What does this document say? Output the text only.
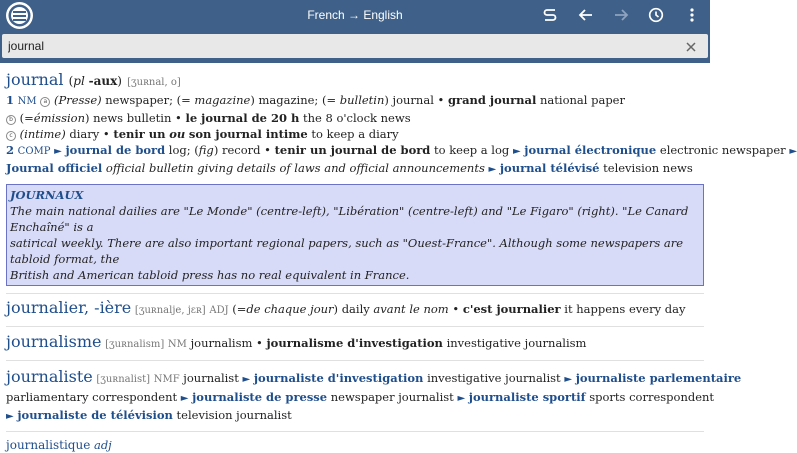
French → English
journal
journal (pl -aux) [ʒuʀnal, o]
1 NM a (Presse) newspaper; (= magazine) magazine; (= bulletin) journal • grand journal national paper
b (=émission) news bulletin • le journal de 20 h the 8 o'clock news
c (intime) diary • tenir un ou son journal intime to keep a diary
2 COMP ► journal de bord log; (fig) record • tenir un journal de bord to keep a log ► journal électronique electronic newspaper ►
Journal officiel official bulletin giving details of laws and official announcements ► journal télévisé television news
JOURNAUX
The main national dailies are "Le Monde" (centre-left), "Libération" (centre-left) and "Le Figaro" (right). "Le Canard Enchaîné" is a
satirical weekly. There are also important regional papers, such as "Ouest-France". Although some newspapers are tabloid format, the
British and American tabloid press has no real equivalent in France.
journalier, -ière [ʒuʀnalje, jɛʀ] ADJ (=de chaque jour) daily avant le nom • c'est journalier it happens every day
journalisme [ʒuʀnalism] NM journalism • journalisme d'investigation investigative journalism
journaliste [ʒuʀnalist] NMF journalist ► journaliste d'investigation investigative journalist ► journaliste parlementaire
parliamentary correspondent ► journaliste de presse newspaper journalist ► journaliste sportif sports correspondent
► journaliste de télévision television journalist
journalistique adj
